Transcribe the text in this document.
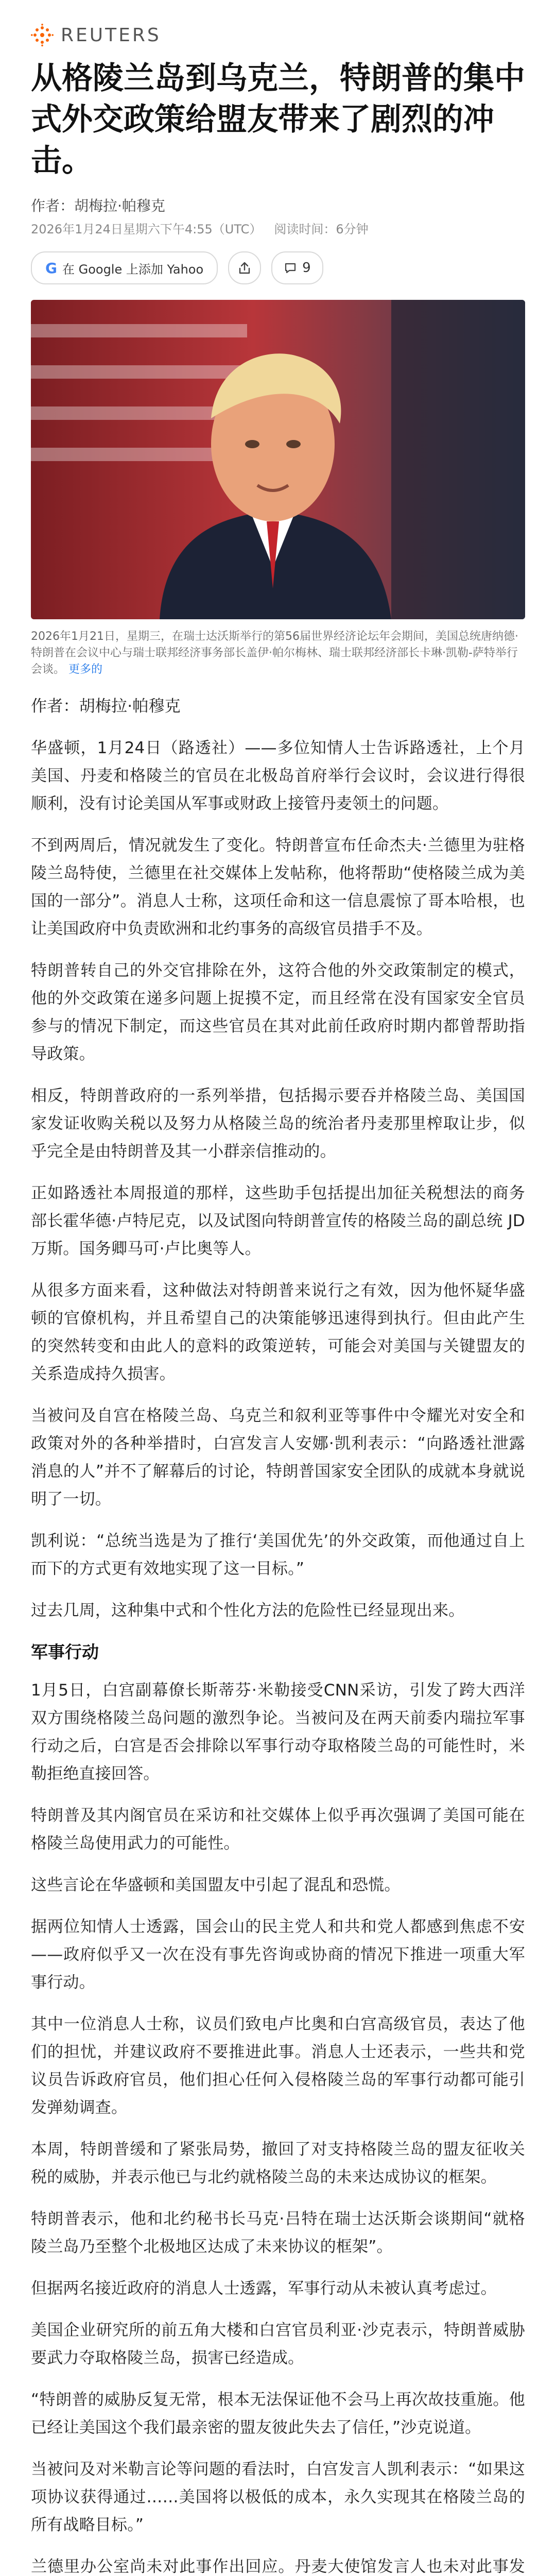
REUTERS
从格陵兰岛到乌克兰，特朗普的集中式外交政策给盟友带来了剧烈的冲击。
作者：胡梅拉·帕穆克
2026年1月24日星期六下午4:55（UTC） 阅读时间：6分钟
G 在 Google 上添加 Yahoo	9
2026年1月21日，星期三，在瑞士达沃斯举行的第56届世界经济论坛年会期间，美国总统唐纳德·特朗普在会议中心与瑞士联邦经济事务部长盖伊·帕尔梅林、瑞士联邦经济部长卡琳·凯勒-萨特举行会谈。 更多的

作者：胡梅拉·帕穆克

华盛顿，1月24日（路透社）——多位知情人士告诉路透社，上个月美国、丹麦和格陵兰的官员在北极岛首府举行会议时，会议进行得很顺利，没有讨论美国从军事或财政上接管丹麦领土的问题。

不到两周后，情况就发生了变化。特朗普宣布任命杰夫·兰德里为驻格陵兰岛特使，兰德里在社交媒体上发帖称，他将帮助“使格陵兰成为美国的一部分”。消息人士称，这项任命和这一信息震惊了哥本哈根，也让美国政府中负责欧洲和北约事务的高级官员措手不及。

特朗普转自己的外交官排除在外，这符合他的外交政策制定的模式，他的外交政策在递多问题上捉摸不定，而且经常在没有国家安全官员参与的情况下制定，而这些官员在其对此前任政府时期内都曾帮助指导政策。

相反，特朗普政府的一系列举措，包括揭示要吞并格陵兰岛、美国国家发证收购关税以及努力从格陵兰岛的统治者丹麦那里榨取让步，似乎完全是由特朗普及其一小群亲信推动的。

正如路透社本周报道的那样，这些助手包括提出加征关税想法的商务部长霍华德·卢特尼克，以及试图向特朗普宣传的格陵兰岛的副总统 JD 万斯。国务卿马可·卢比奥等人。

从很多方面来看，这种做法对特朗普来说行之有效，因为他怀疑华盛顿的官僚机构，并且希望自己的决策能够迅速得到执行。但由此产生的突然转变和由此人的意料的政策逆转，可能会对美国与关键盟友的关系造成持久损害。

当被问及自宫在格陵兰岛、乌克兰和叙利亚等事件中令耀光对安全和政策对外的各种举措时，白宫发言人安娜·凯利表示：“向路透社泄露消息的人”并不了解幕后的讨论，特朗普国家安全团队的成就本身就说明了一切。

凯利说：“总统当选是为了推行‘美国优先’的外交政策，而他通过自上而下的方式更有效地实现了这一目标。”

过去几周，这种集中式和个性化方法的危险性已经显现出来。

军事行动

1月5日，白宫副幕僚长斯蒂芬·米勒接受CNN采访，引发了跨大西洋双方围绕格陵兰岛问题的激烈争论。当被问及在两天前委内瑞拉军事行动之后，白宫是否会排除以军事行动夺取格陵兰岛的可能性时，米勒拒绝直接回答。

特朗普及其内阁官员在采访和社交媒体上似乎再次强调了美国可能在格陵兰岛使用武力的可能性。

这些言论在华盛顿和美国盟友中引起了混乱和恐慌。

据两位知情人士透露，国会山的民主党人和共和党人都感到焦虑不安——政府似乎又一次在没有事先咨询或协商的情况下推进一项重大军事行动。

其中一位消息人士称，议员们致电卢比奥和白宫高级官员，表达了他们的担忧，并建议政府不要推进此事。消息人士还表示，一些共和党议员告诉政府官员，他们担心任何入侵格陵兰岛的军事行动都可能引发弹劾调查。

本周，特朗普缓和了紧张局势，撤回了对支持格陵兰岛的盟友征收关税的威胁，并表示他已与北约就格陵兰岛的未来达成协议的框架。

特朗普表示，他和北约秘书长马克·吕特在瑞士达沃斯会谈期间“就格陵兰岛乃至整个北极地区达成了未来协议的框架”。

但据两名接近政府的消息人士透露，军事行动从未被认真考虑过。

美国企业研究所的前五角大楼和白宫官员利亚·沙克表示，特朗普威胁要武力夺取格陵兰岛，损害已经造成。

“特朗普的威胁反复无常，根本无法保证他不会马上再次故技重施。他已经让美国这个我们最亲密的盟友彼此失去了信任，”沙克说道。

当被问及对米勒言论等问题的看法时，白宫发言人凯利表示：“如果这项协议获得通过……美国将以极低的成本，永久实现其在格陵兰岛的所有战略目标。”

兰德里办公室尚未对此事作出回应。丹麦大使馆发言人也未对此事发
